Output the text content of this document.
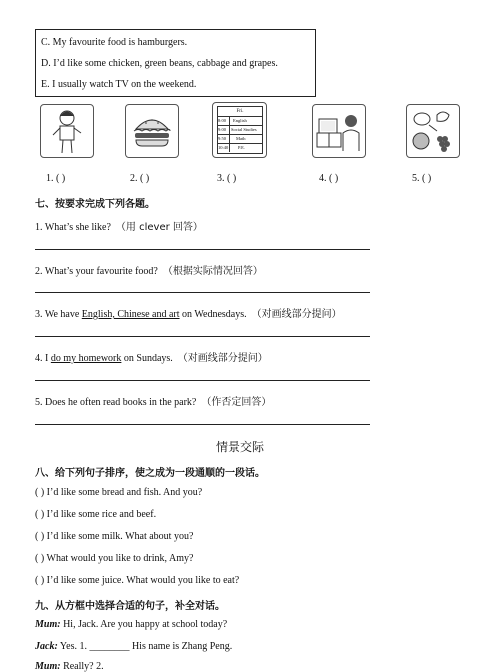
C. My favourite food is hamburgers.
D. I’d like some chicken, green beans, cabbage and grapes.
E. I usually watch TV on the weekend.
Fri.
8:00 English
9:00 Social Studies
9:50 Math
10:40 P.E.
1. ( )	2. ( )	3. ( )	4. ( )	5. ( )
七、按要求完成下列各题。
1. What’s she like? （用 clever 回答）
2. What’s your favourite food? （根据实际情况回答）
3. We have English, Chinese and art on Wednesdays. （对画线部分提问）
4. I do my homework on Sundays. （对画线部分提问）
5. Does he often read books in the park? （作否定回答）
情景交际
八、给下列句子排序，使之成为一段通顺的一段话。
( ) I’d like some bread and fish. And you?
( ) I’d like some rice and beef.
( ) I’d like some milk. What about you?
( ) What would you like to drink, Amy?
( ) I’d like some juice. What would you like to eat?
九、从方框中选择合适的句子，补全对话。
Mum: Hi, Jack. Are you happy at school today?
Jack: Yes. 1. ________ His name is Zhang Peng.
Mum: Really? 2.
